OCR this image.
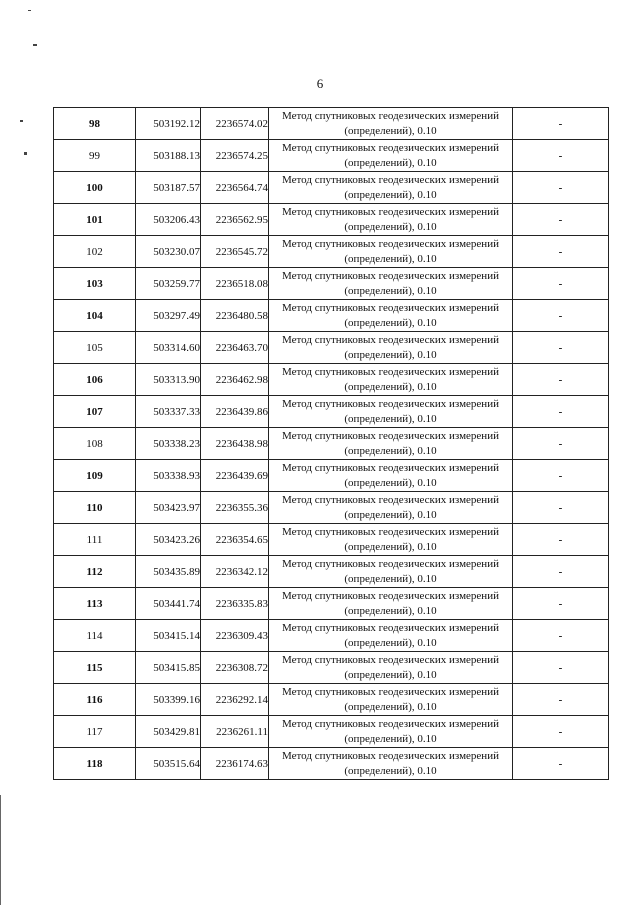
6
98	503192.12	2236574.02	Метод спутниковых геодезических измерений
(определений), 0.10	-
99	503188.13	2236574.25	Метод спутниковых геодезических измерений
(определений), 0.10	-
100	503187.57	2236564.74	Метод спутниковых геодезических измерений
(определений), 0.10	-
101	503206.43	2236562.95	Метод спутниковых геодезических измерений
(определений), 0.10	-
102	503230.07	2236545.72	Метод спутниковых геодезических измерений
(определений), 0.10	-
103	503259.77	2236518.08	Метод спутниковых геодезических измерений
(определений), 0.10	-
104	503297.49	2236480.58	Метод спутниковых геодезических измерений
(определений), 0.10	-
105	503314.60	2236463.70	Метод спутниковых геодезических измерений
(определений), 0.10	-
106	503313.90	2236462.98	Метод спутниковых геодезических измерений
(определений), 0.10	-
107	503337.33	2236439.86	Метод спутниковых геодезических измерений
(определений), 0.10	-
108	503338.23	2236438.98	Метод спутниковых геодезических измерений
(определений), 0.10	-
109	503338.93	2236439.69	Метод спутниковых геодезических измерений
(определений), 0.10	-
110	503423.97	2236355.36	Метод спутниковых геодезических измерений
(определений), 0.10	-
111	503423.26	2236354.65	Метод спутниковых геодезических измерений
(определений), 0.10	-
112	503435.89	2236342.12	Метод спутниковых геодезических измерений
(определений), 0.10	-
113	503441.74	2236335.83	Метод спутниковых геодезических измерений
(определений), 0.10	-
114	503415.14	2236309.43	Метод спутниковых геодезических измерений
(определений), 0.10	-
115	503415.85	2236308.72	Метод спутниковых геодезических измерений
(определений), 0.10	-
116	503399.16	2236292.14	Метод спутниковых геодезических измерений
(определений), 0.10	-
117	503429.81	2236261.11	Метод спутниковых геодезических измерений
(определений), 0.10	-
118	503515.64	2236174.63	Метод спутниковых геодезических измерений
(определений), 0.10	-
